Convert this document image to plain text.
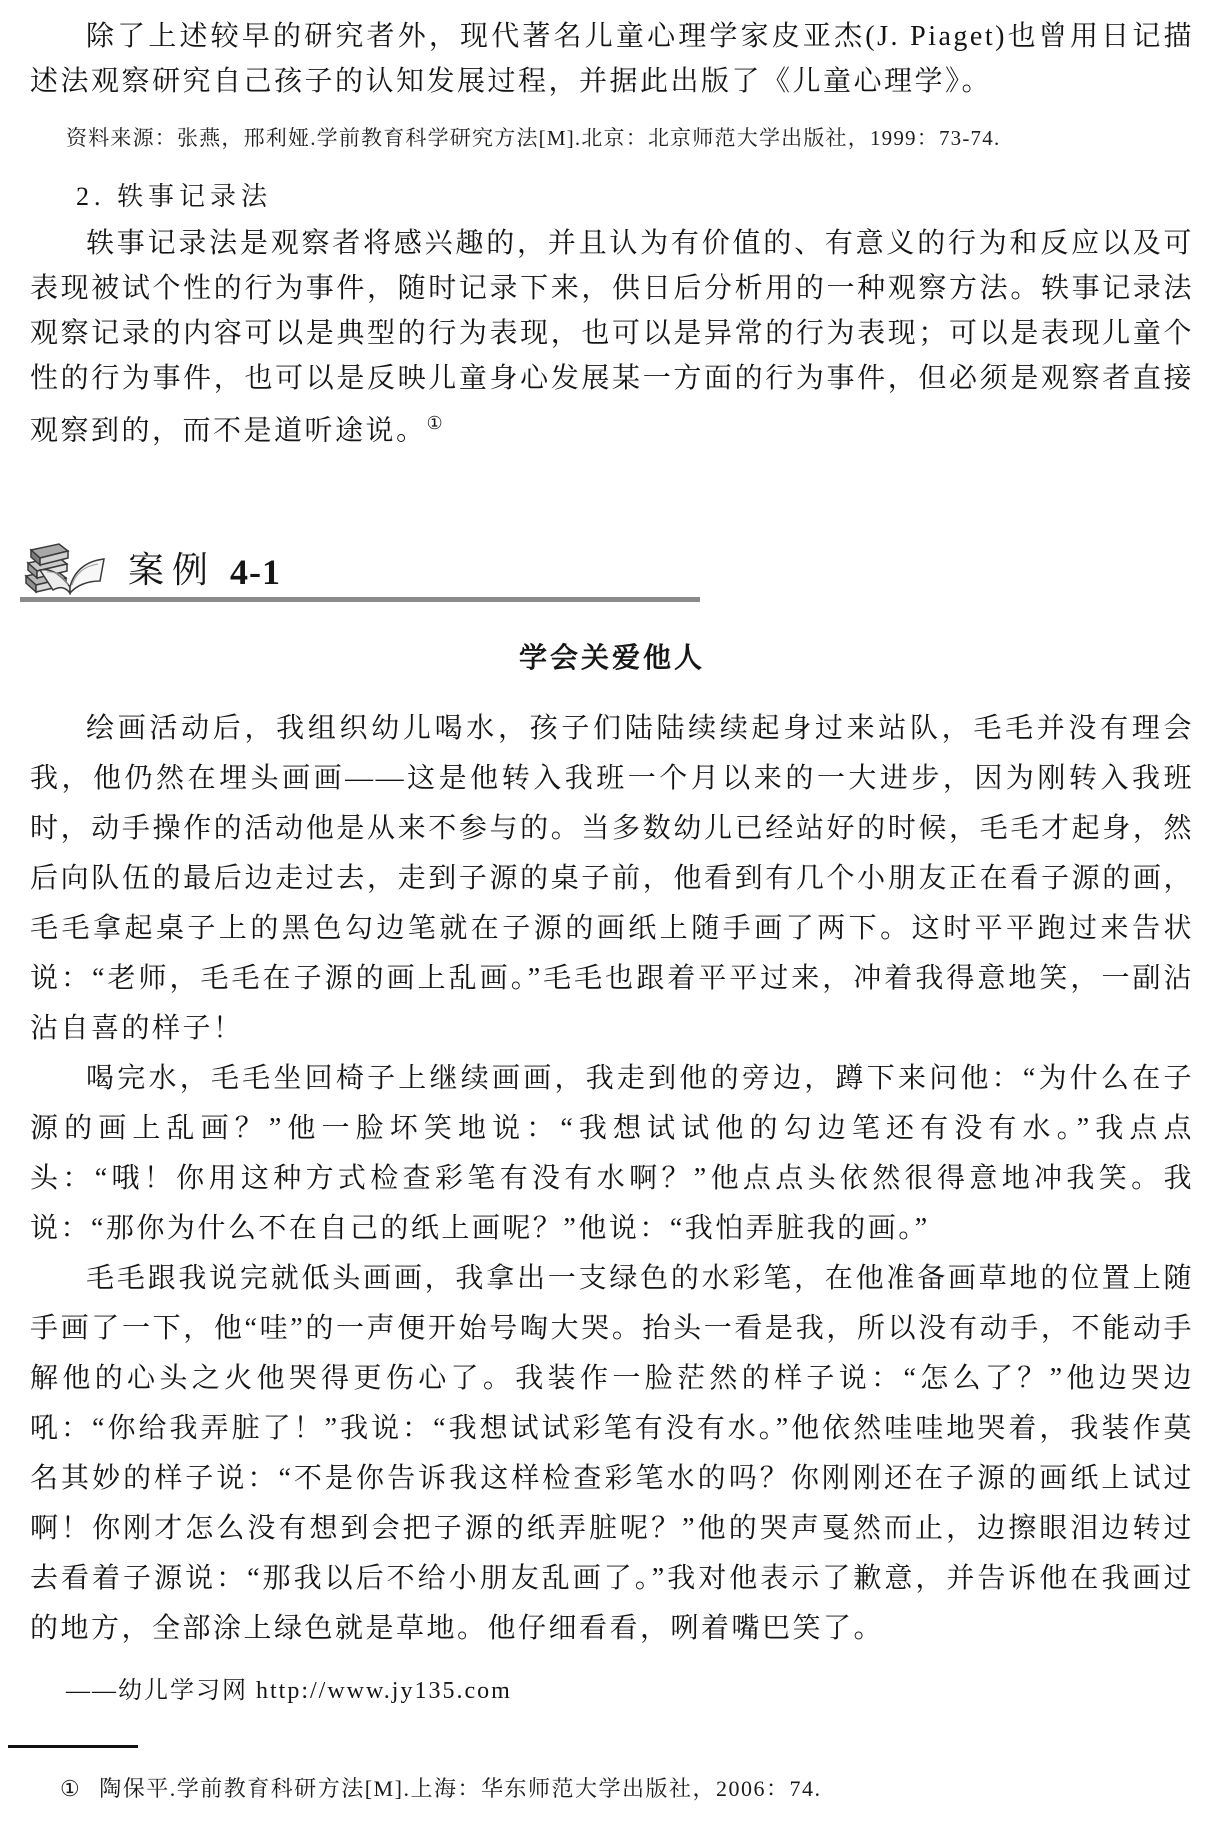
除了上述较早的研究者外，现代著名儿童心理学家皮亚杰(J. Piaget)也曾用日记描述法观察研究自己孩子的认知发展过程，并据此出版了《儿童心理学》。

资料来源：张燕，邢利娅.学前教育科学研究方法[M].北京：北京师范大学出版社，1999：73-74.

2. 轶事记录法

轶事记录法是观察者将感兴趣的，并且认为有价值的、有意义的行为和反应以及可表现被试个性的行为事件，随时记录下来，供日后分析用的一种观察方法。轶事记录法观察记录的内容可以是典型的行为表现，也可以是异常的行为表现；可以是表现儿童个性的行为事件，也可以是反映儿童身心发展某一方面的行为事件，但必须是观察者直接观察到的，而不是道听途说。①

案例 4-1
学会关爱他人

绘画活动后，我组织幼儿喝水，孩子们陆陆续续起身过来站队，毛毛并没有理会我，他仍然在埋头画画——这是他转入我班一个月以来的一大进步，因为刚转入我班时，动手操作的活动他是从来不参与的。当多数幼儿已经站好的时候，毛毛才起身，然后向队伍的最后边走过去，走到子源的桌子前，他看到有几个小朋友正在看子源的画，毛毛拿起桌子上的黑色勾边笔就在子源的画纸上随手画了两下。这时平平跑过来告状说：“老师，毛毛在子源的画上乱画。”毛毛也跟着平平过来，冲着我得意地笑，一副沾沾自喜的样子！

喝完水，毛毛坐回椅子上继续画画，我走到他的旁边，蹲下来问他：“为什么在子源的画上乱画？”他一脸坏笑地说：“我想试试他的勾边笔还有没有水。”我点点头：“哦！你用这种方式检查彩笔有没有水啊？”他点点头依然很得意地冲我笑。我说：“那你为什么不在自己的纸上画呢？”他说：“我怕弄脏我的画。”

毛毛跟我说完就低头画画，我拿出一支绿色的水彩笔，在他准备画草地的位置上随手画了一下，他“哇”的一声便开始号啕大哭。抬头一看是我，所以没有动手，不能动手解他的心头之火他哭得更伤心了。我装作一脸茫然的样子说：“怎么了？”他边哭边吼：“你给我弄脏了！”我说：“我想试试彩笔有没有水。”他依然哇哇地哭着，我装作莫名其妙的样子说：“不是你告诉我这样检查彩笔水的吗？你刚刚还在子源的画纸上试过啊！你刚才怎么没有想到会把子源的纸弄脏呢？”他的哭声戛然而止，边擦眼泪边转过去看着子源说：“那我以后不给小朋友乱画了。”我对他表示了歉意，并告诉他在我画过的地方，全部涂上绿色就是草地。他仔细看看，咧着嘴巴笑了。

——幼儿学习网 http://www.jy135.com

① 陶保平.学前教育科研方法[M].上海：华东师范大学出版社，2006：74.
